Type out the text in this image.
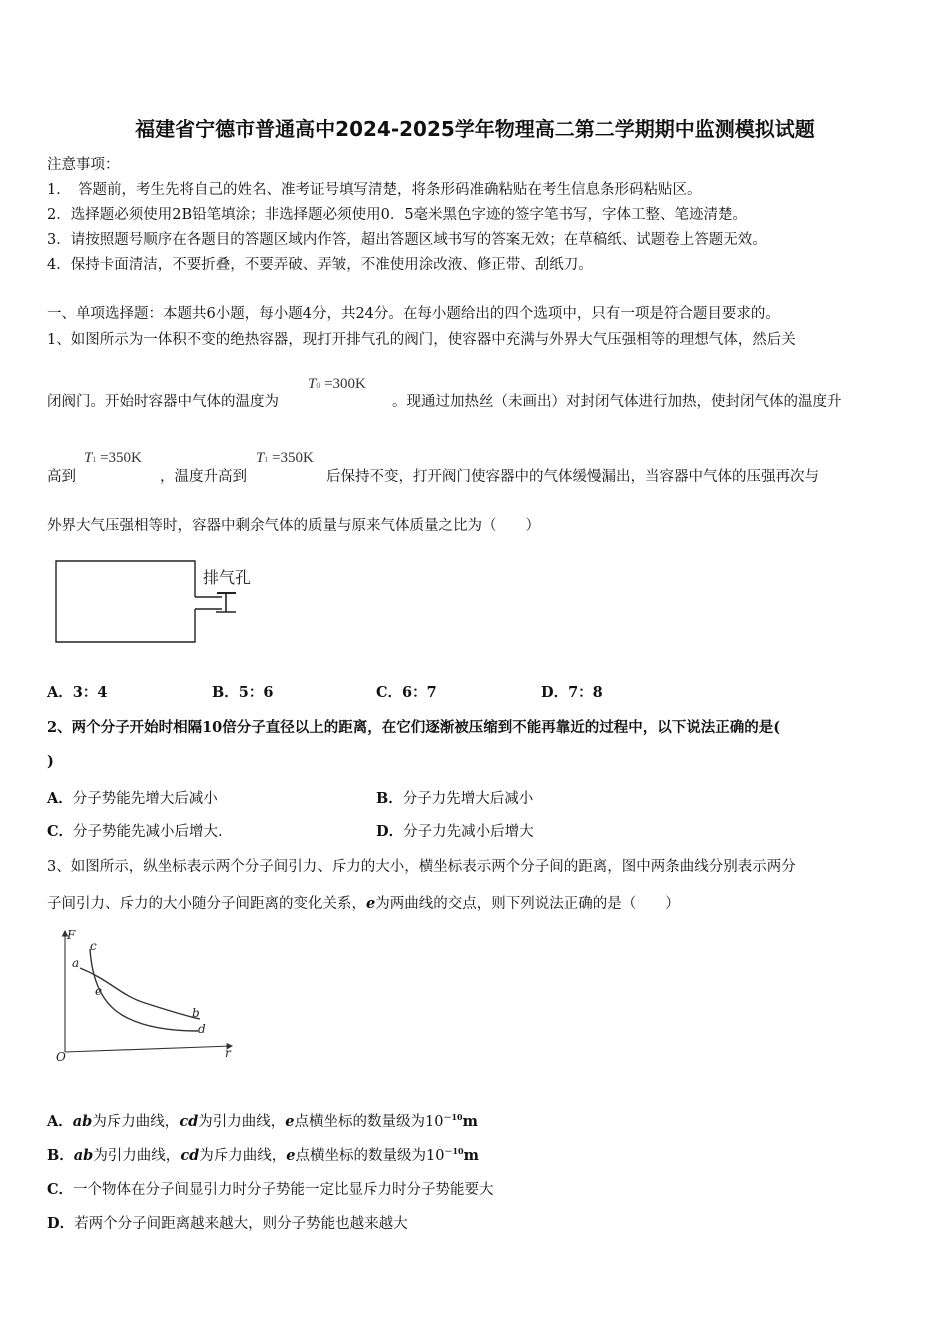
福建省宁德市普通高中2024-2025学年物理高二第二学期期中监测模拟试题
注意事项：
1．　答题前，考生先将自己的姓名、准考证号填写清楚，将条形码准确粘贴在考生信息条形码粘贴区。
2．选择题必须使用2B铅笔填涂；非选择题必须使用0．5毫米黑色字迹的签字笔书写，字体工整、笔迹清楚。
3．请按照题号顺序在各题目的答题区域内作答，超出答题区域书写的答案无效；在草稿纸、试题卷上答题无效。
4．保持卡面清洁，不要折叠，不要弄破、弄皱，不准使用涂改液、修正带、刮纸刀。
一、单项选择题：本题共6小题，每小题4分，共24分。在每小题给出的四个选项中，只有一项是符合题目要求的。
1、如图所示为一体积不变的绝热容器，现打开排气孔的阀门，使容器中充满与外界大气压强相等的理想气体，然后关
闭阀门。开始时容器中气体的温度为
T0 =300K
。现通过加热丝（未画出）对封闭气体进行加热，使封闭气体的温度升
高到
T1 =350K
，温度升高到
T1 =350K
后保持不变，打开阀门使容器中的气体缓慢漏出，当容器中气体的压强再次与
外界大气压强相等时，容器中剩余气体的质量与原来气体质量之比为（　　）
排气孔
A．3：4	B．5：6	C．6：7	D．7：8
2、两个分子开始时相隔10倍分子直径以上的距离，在它们逐渐被压缩到不能再靠近的过程中，以下说法正确的是(
)
A．分子势能先增大后减小	B．分子力先增大后减小
C．分子势能先减小后增大.	D．分子力先减小后增大
3、如图所示，纵坐标表示两个分子间引力、斥力的大小，横坐标表示两个分子间的距离，图中两条曲线分别表示两分
子间引力、斥力的大小随分子间距离的变化关系，e为两曲线的交点，则下列说法正确的是（　　）
F
r
O
a
b
c
d
e
A．ab为斥力曲线，cd为引力曲线，e点横坐标的数量级为$10^{-10}m$
B．ab为引力曲线，cd为斥力曲线，e点横坐标的数量级为$10^{-10}m$
C．一个物体在分子间显引力时分子势能一定比显斥力时分子势能要大
D．若两个分子间距离越来越大，则分子势能也越来越大
